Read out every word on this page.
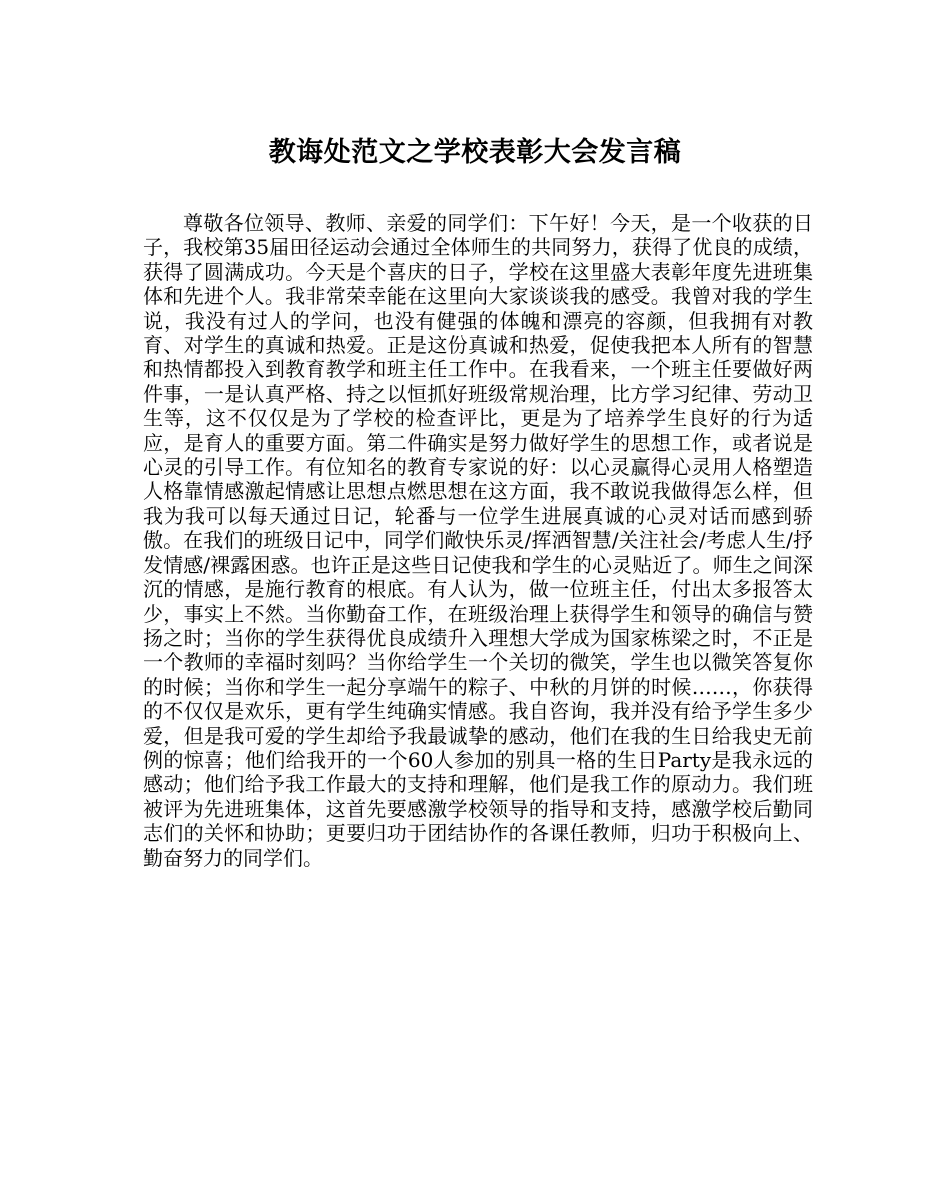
教诲处范文之学校表彰大会发言稿

尊敬各位领导、教师、亲爱的同学们：下午好！今天，是一个收获的日子，我校第35届田径运动会通过全体师生的共同努力，获得了优良的成绩，获得了圆满成功。今天是个喜庆的日子，学校在这里盛大表彰年度先进班集体和先进个人。我非常荣幸能在这里向大家谈谈我的感受。我曾对我的学生说，我没有过人的学问，也没有健强的体魄和漂亮的容颜，但我拥有对教育、对学生的真诚和热爱。正是这份真诚和热爱，促使我把本人所有的智慧和热情都投入到教育教学和班主任工作中。在我看来，一个班主任要做好两件事，一是认真严格、持之以恒抓好班级常规治理，比方学习纪律、劳动卫生等，这不仅仅是为了学校的检查评比，更是为了培养学生良好的行为适应，是育人的重要方面。第二件确实是努力做好学生的思想工作，或者说是心灵的引导工作。有位知名的教育专家说的好：以心灵赢得心灵用人格塑造人格靠情感激起情感让思想点燃思想在这方面，我不敢说我做得怎么样，但我为我可以每天通过日记，轮番与一位学生进展真诚的心灵对话而感到骄傲。在我们的班级日记中，同学们敞快乐灵/挥洒智慧/关注社会/考虑人生/抒发情感/裸露困惑。也许正是这些日记使我和学生的心灵贴近了。师生之间深沉的情感，是施行教育的根底。有人认为，做一位班主任，付出太多报答太少，事实上不然。当你勤奋工作，在班级治理上获得学生和领导的确信与赞扬之时；当你的学生获得优良成绩升入理想大学成为国家栋梁之时，不正是一个教师的幸福时刻吗？当你给学生一个关切的微笑，学生也以微笑答复你的时候；当你和学生一起分享端午的粽子、中秋的月饼的时候……，你获得的不仅仅是欢乐，更有学生纯确实情感。我自咨询，我并没有给予学生多少爱，但是我可爱的学生却给予我最诚挚的感动，他们在我的生日给我史无前例的惊喜；他们给我开的一个60人参加的别具一格的生日Party是我永远的感动；他们给予我工作最大的支持和理解，他们是我工作的原动力。我们班被评为先进班集体，这首先要感激学校领导的指导和支持，感激学校后勤同志们的关怀和协助；更要归功于团结协作的各课任教师，归功于积极向上、勤奋努力的同学们。
